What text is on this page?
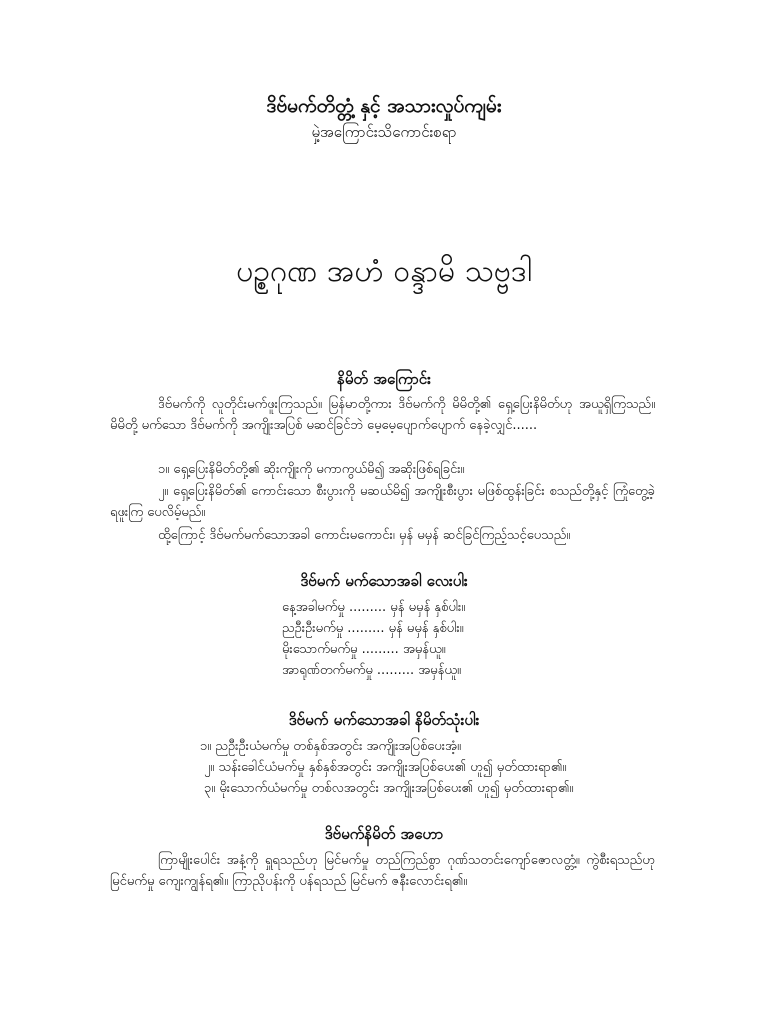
ဒိဗ်မက်တိတ္တံ့ နှင့် အသားလှုပ်ကျမ်း
မှဲ့အကြောင်းသိကောင်းစရာ
ပဉ္စဂုဏ အဟံ ဝန္ဒာမိ သဗ္ဗဒါ
နိမိတ် အကြောင်း
ဒိဗ်မက်ကို လူတိုင်းမက်ဖူးကြသည်။ မြန်မာတို့ကား ဒိဗ်မက်ကို မိမိတို့၏ ရှေ့ပြေးနိမိတ်ဟု အယူရှိကြသည်။ မိမိတို့ မက်သော ဒိဗ်မက်ကို အကျိုးအပြစ် မဆင်ခြင်ဘဲ မေ့မေ့ပျောက်ပျောက် နေခဲ့လျှင်......
၁။ ရှေ့ပြေးနိမိတ်တို့၏ ဆိုးကျိုးကို မကာကွယ်မိ၍ အဆိုးဖြစ်ရခြင်း။
၂။ ရှေ့ပြေးနိမိတ်၏ ကောင်းသော စီးပွားကို မဆယ်မိ၍ အကျိုးစီးပွား မဖြစ်ထွန်းခြင်း စသည်တို့နှင့် ကြုံတွေ့ခဲ့ရဖူးကြ ပေလိမ့်မည်။
ထို့ကြောင့် ဒိဗ်မက်မက်သောအခါ ကောင်းမကောင်း၊ မှန် မမှန် ဆင်ခြင်ကြည့်သင့်ပေသည်။
ဒိဗ်မက် မက်သောအခါ လေးပါး
နေ့အခါမက်မှု ......... မှန် မမှန် နှစ်ပါး။
ညဦးဦးမက်မှု ......... မှန် မမှန် နှစ်ပါး။
မိုးသောက်မက်မှု ......... အမှန်ယူ။
အာရုဏ်တက်မက်မှု ......... အမှန်ယူ။
ဒိဗ်မက် မက်သောအခါ နိမိတ်သုံးပါး
၁။ ညဦးဦးယံမက်မှု တစ်နှစ်အတွင်း အကျိုးအပြစ်ပေးအံ့။
၂။ သန်းခေါင်ယံမက်မှု နှစ်နှစ်အတွင်း အကျိုးအပြစ်ပေး၏ ဟူ၍ မှတ်ထားရာ၏။
၃။ မိုးသောက်ယံမက်မှု တစ်လအတွင်း အကျိုးအပြစ်ပေး၏ ဟူ၍ မှတ်ထားရာ၏။
ဒိဗ်မက်နိမိတ် အဟော
ကြာမျိုးပေါင်း အနံ့ကို ရှူရသည်ဟု မြင်မက်မှု တည်ကြည်စွာ ဂုဏ်သတင်းကျော်ဇောလတ္တံ့။ ကွဲစီးရသည်ဟု မြင်မက်မှု ကျေးကျွန်ရ၏။ ကြာညိုပန်းကို ပန်ရသည် မြင်မက် ဇနီးလောင်းရ၏။
